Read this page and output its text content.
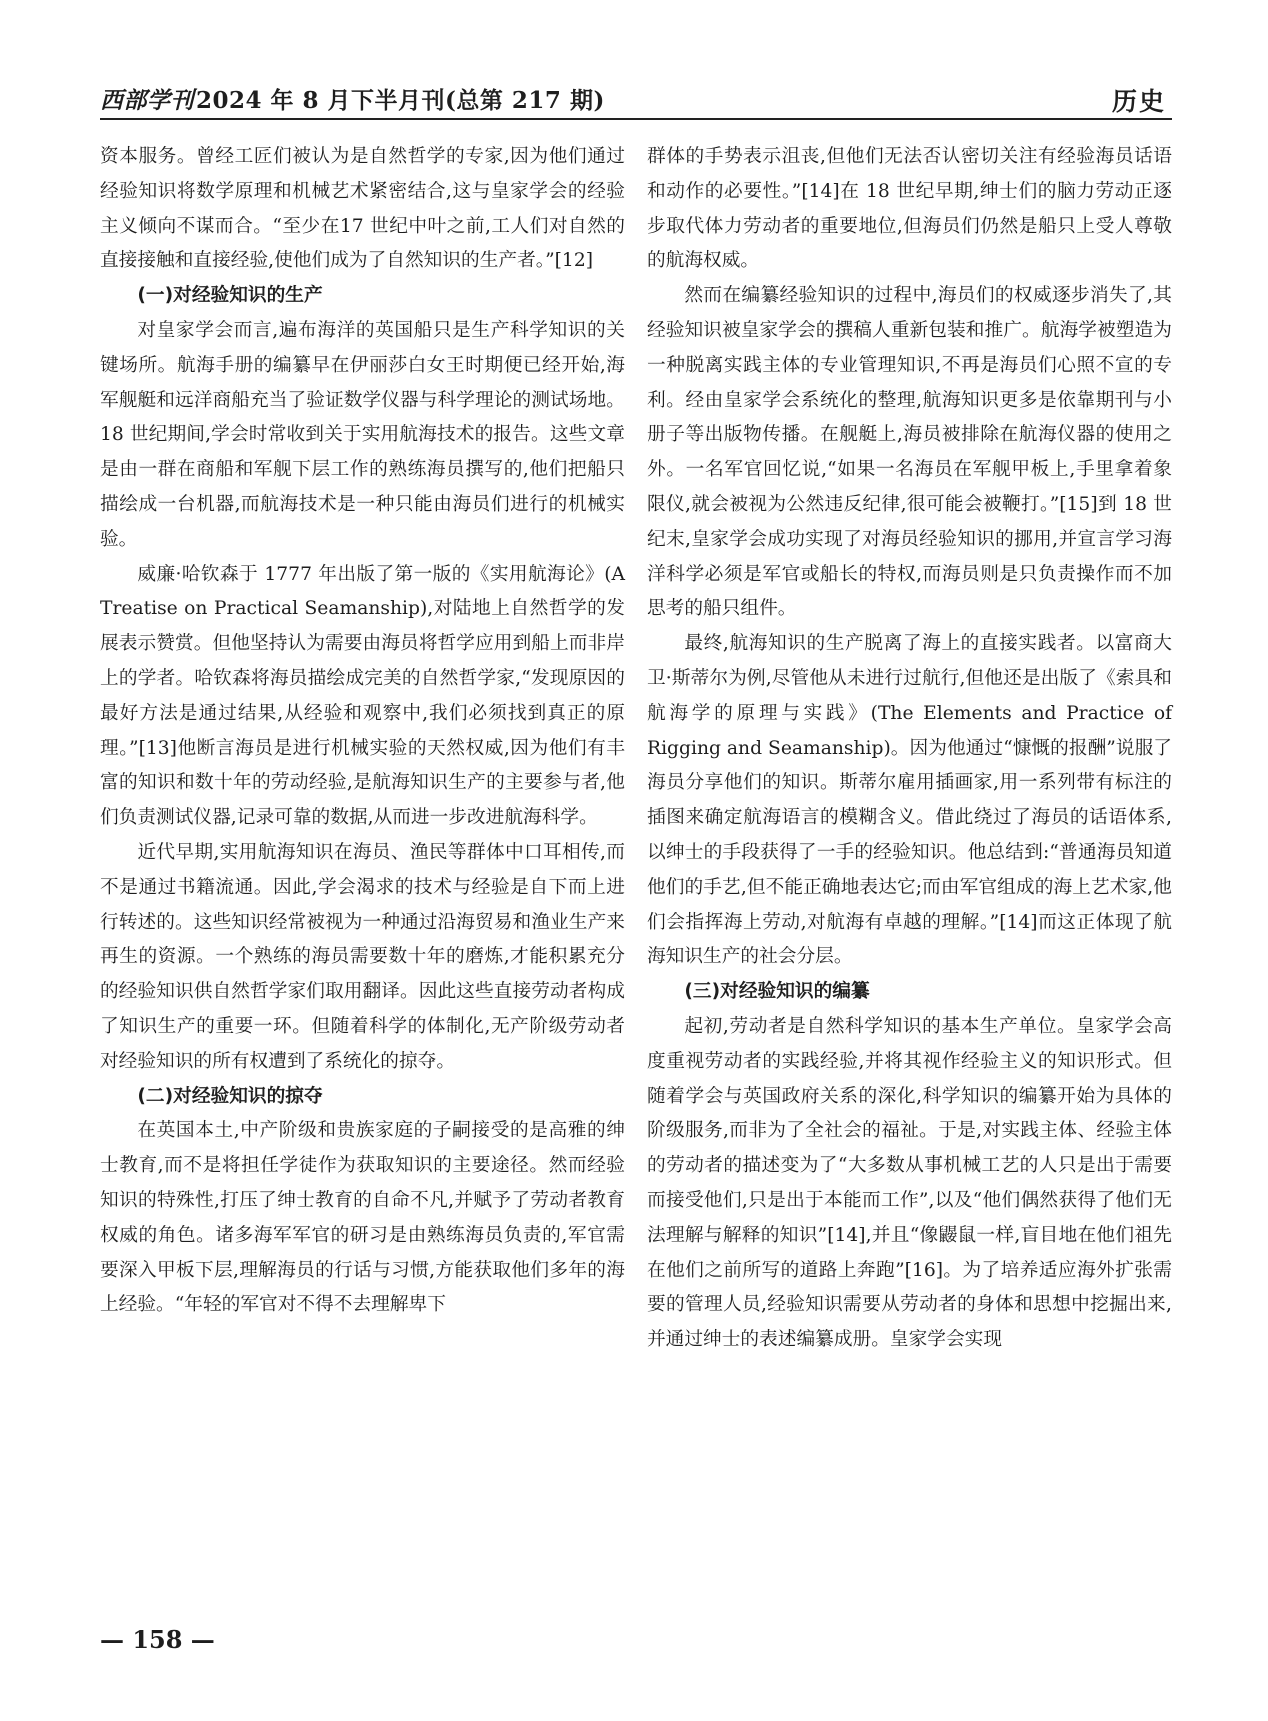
西部学刊2024 年 8 月下半月刊(总第 217 期)	历史

资本服务。曾经工匠们被认为是自然哲学的专家,因为他们通过经验知识将数学原理和机械艺术紧密结合,这与皇家学会的经验主义倾向不谋而合。“至少在17 世纪中叶之前,工人们对自然的直接接触和直接经验,使他们成为了自然知识的生产者。”[12]

(一)对经验知识的生产

对皇家学会而言,遍布海洋的英国船只是生产科学知识的关键场所。航海手册的编纂早在伊丽莎白女王时期便已经开始,海军舰艇和远洋商船充当了验证数学仪器与科学理论的测试场地。18 世纪期间,学会时常收到关于实用航海技术的报告。这些文章是由一群在商船和军舰下层工作的熟练海员撰写的,他们把船只描绘成一台机器,而航海技术是一种只能由海员们进行的机械实验。

威廉·哈钦森于 1777 年出版了第一版的《实用航海论》(A Treatise on Practical Seamanship),对陆地上自然哲学的发展表示赞赏。但他坚持认为需要由海员将哲学应用到船上而非岸上的学者。哈钦森将海员描绘成完美的自然哲学家,“发现原因的最好方法是通过结果,从经验和观察中,我们必须找到真正的原理。”[13]他断言海员是进行机械实验的天然权威,因为他们有丰富的知识和数十年的劳动经验,是航海知识生产的主要参与者,他们负责测试仪器,记录可靠的数据,从而进一步改进航海科学。

近代早期,实用航海知识在海员、渔民等群体中口耳相传,而不是通过书籍流通。因此,学会渴求的技术与经验是自下而上进行转述的。这些知识经常被视为一种通过沿海贸易和渔业生产来再生的资源。一个熟练的海员需要数十年的磨炼,才能积累充分的经验知识供自然哲学家们取用翻译。因此这些直接劳动者构成了知识生产的重要一环。但随着科学的体制化,无产阶级劳动者对经验知识的所有权遭到了系统化的掠夺。

(二)对经验知识的掠夺

在英国本土,中产阶级和贵族家庭的子嗣接受的是高雅的绅士教育,而不是将担任学徒作为获取知识的主要途径。然而经验知识的特殊性,打压了绅士教育的自命不凡,并赋予了劳动者教育权威的角色。诸多海军军官的研习是由熟练海员负责的,军官需要深入甲板下层,理解海员的行话与习惯,方能获取他们多年的海上经验。“年轻的军官对不得不去理解卑下

群体的手势表示沮丧,但他们无法否认密切关注有经验海员话语和动作的必要性。”[14]在 18 世纪早期,绅士们的脑力劳动正逐步取代体力劳动者的重要地位,但海员们仍然是船只上受人尊敬的航海权威。

然而在编纂经验知识的过程中,海员们的权威逐步消失了,其经验知识被皇家学会的撰稿人重新包装和推广。航海学被塑造为一种脱离实践主体的专业管理知识,不再是海员们心照不宣的专利。经由皇家学会系统化的整理,航海知识更多是依靠期刊与小册子等出版物传播。在舰艇上,海员被排除在航海仪器的使用之外。一名军官回忆说,“如果一名海员在军舰甲板上,手里拿着象限仪,就会被视为公然违反纪律,很可能会被鞭打。”[15]到 18 世纪末,皇家学会成功实现了对海员经验知识的挪用,并宣言学习海洋科学必须是军官或船长的特权,而海员则是只负责操作而不加思考的船只组件。

最终,航海知识的生产脱离了海上的直接实践者。以富商大卫·斯蒂尔为例,尽管他从未进行过航行,但他还是出版了《索具和航海学的原理与实践》(The Elements and Practice of Rigging and Seamanship)。因为他通过“慷慨的报酬”说服了海员分享他们的知识。斯蒂尔雇用插画家,用一系列带有标注的插图来确定航海语言的模糊含义。借此绕过了海员的话语体系,以绅士的手段获得了一手的经验知识。他总结到:“普通海员知道他们的手艺,但不能正确地表达它;而由军官组成的海上艺术家,他们会指挥海上劳动,对航海有卓越的理解。”[14]而这正体现了航海知识生产的社会分层。

(三)对经验知识的编纂

起初,劳动者是自然科学知识的基本生产单位。皇家学会高度重视劳动者的实践经验,并将其视作经验主义的知识形式。但随着学会与英国政府关系的深化,科学知识的编纂开始为具体的阶级服务,而非为了全社会的福祉。于是,对实践主体、经验主体的劳动者的描述变为了“大多数从事机械工艺的人只是出于需要而接受他们,只是出于本能而工作”,以及“他们偶然获得了他们无法理解与解释的知识”[14],并且“像鼹鼠一样,盲目地在他们祖先在他们之前所写的道路上奔跑”[16]。为了培养适应海外扩张需要的管理人员,经验知识需要从劳动者的身体和思想中挖掘出来,并通过绅士的表述编纂成册。皇家学会实现

— 158 —
